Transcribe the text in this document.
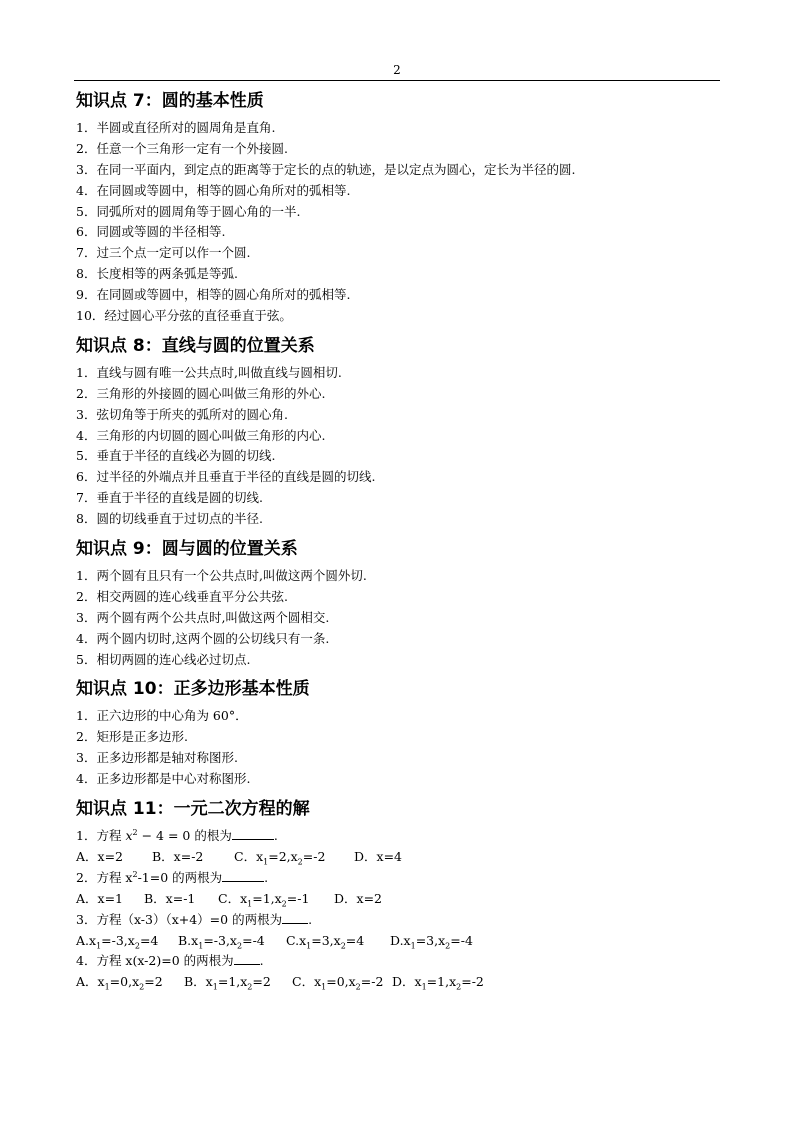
2
知识点 7：圆的基本性质
1．半圆或直径所对的圆周角是直角.
2．任意一个三角形一定有一个外接圆.
3．在同一平面内，到定点的距离等于定长的点的轨迹，是以定点为圆心，定长为半径的圆.
4．在同圆或等圆中，相等的圆心角所对的弧相等.
5．同弧所对的圆周角等于圆心角的一半.
6．同圆或等圆的半径相等.
7．过三个点一定可以作一个圆.
8．长度相等的两条弧是等弧.
9．在同圆或等圆中，相等的圆心角所对的弧相等.
10．经过圆心平分弦的直径垂直于弦。
知识点 8：直线与圆的位置关系
1．直线与圆有唯一公共点时,叫做直线与圆相切.
2．三角形的外接圆的圆心叫做三角形的外心.
3．弦切角等于所夹的弧所对的圆心角.
4．三角形的内切圆的圆心叫做三角形的内心.
5．垂直于半径的直线必为圆的切线.
6．过半径的外端点并且垂直于半径的直线是圆的切线.
7．垂直于半径的直线是圆的切线.
8．圆的切线垂直于过切点的半径.
知识点 9：圆与圆的位置关系
1．两个圆有且只有一个公共点时,叫做这两个圆外切.
2．相交两圆的连心线垂直平分公共弦.
3．两个圆有两个公共点时,叫做这两个圆相交.
4．两个圆内切时,这两个圆的公切线只有一条.
5．相切两圆的连心线必过切点.
知识点 10：正多边形基本性质
1．正六边形的中心角为 60°．
2．矩形是正多边形.
3．正多边形都是轴对称图形.
4．正多边形都是中心对称图形.
知识点 11：一元二次方程的解
1．方程 $x^2 - 4 = 0$ 的根为	.
A．x=2 B．x=-2 C．$x_1=2,x_2=-2$ D．x=4
2．方程 $x^2-1=0$ 的两根为	.
A．x=1 B．x=-1 C．$x_1=1,x_2=-1$ D．x=2
3．方程（x-3）（x+4）=0 的两根为 .
$A.x_1=-3,x_2=4$ $B.x_1=-3,x_2=-4$ $C.x_1=3,x_2=4$ $D.x_1=3,x_2=-4$
4．方程 x(x-2)=0 的两根为 .
A．$x_1=0,x_2=2$ B．$x_1=1,x_2=2$ C．$x_1=0,x_2=-2$ D．$x_1=1,x_2=-2$
